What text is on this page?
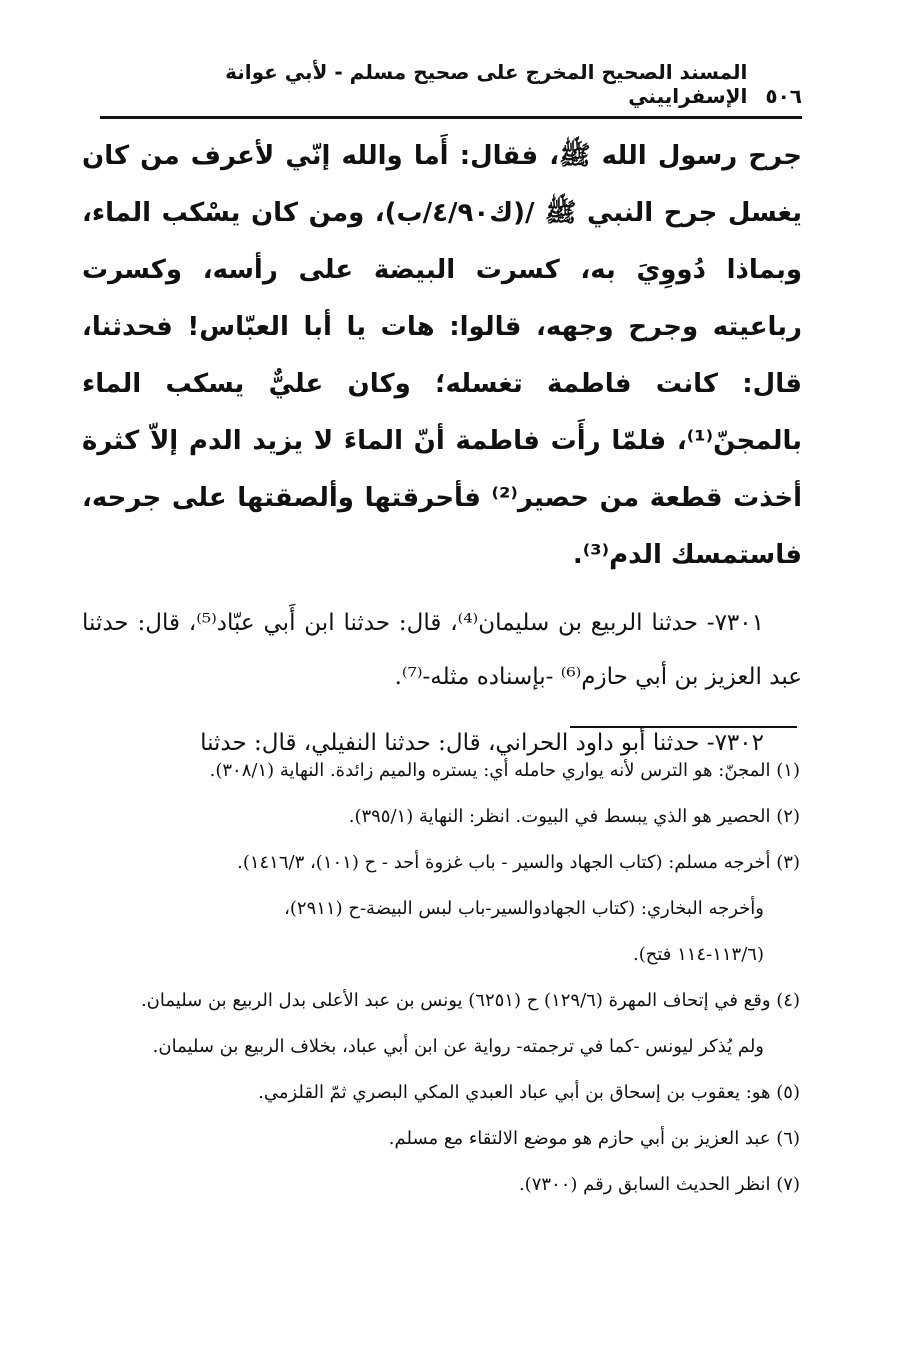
٥٠٦
المسند الصحيح المخرج على صحيح مسلم - لأبي عوانة الإسفراييني

جرح رسول الله ﷺ، فقال: أَما والله إنّي لأعرف من كان يغسل جرح النبي ﷺ /(ك٤/٩٠/ب)، ومن كان يسْكب الماء، وبماذا دُووِيَ به، كسرت البيضة على رأسه، وكسرت رباعيته وجرح وجهه، قالوا: هات يا أبا العبّاس! فحدثنا، قال: كانت فاطمة تغسله؛ وكان عليٌّ يسكب الماء بالمجنّ⁽¹⁾، فلمّا رأَت فاطمة أنّ الماءَ لا يزيد الدم إلاّ كثرة أخذت قطعة من حصير⁽²⁾ فأحرقتها وألصقتها على جرحه، فاستمسك الدم⁽³⁾.

٧٣٠١- حدثنا الربيع بن سليمان⁽⁴⁾، قال: حدثنا ابن أَبي عبّاد⁽⁵⁾، قال: حدثنا عبد العزيز بن أبي حازم⁽⁶⁾ -بإسناده مثله-⁽⁷⁾.

٧٣٠٢- حدثنا أبو داود الحراني، قال: حدثنا النفيلي، قال: حدثنا

(١) المجنّ: هو الترس لأنه يواري حامله أي: يستره والميم زائدة. النهاية (٣٠٨/١).

(٢) الحصير هو الذي يبسط في البيوت. انظر: النهاية (٣٩٥/١).

(٣) أخرجه مسلم: (كتاب الجهاد والسير - باب غزوة أحد - ح (١٠١)، ١٤١٦/٣).

وأخرجه البخاري: (كتاب الجهادوالسير-باب لبس البيضة-ح (٢٩١١)،

(١١٣/٦-١١٤ فتح).

(٤) وقع في إتحاف المهرة (١٢٩/٦) ح (٦٢٥١) يونس بن عبد الأعلى بدل الربيع بن سليمان.

ولم يُذكر ليونس -كما في ترجمته- رواية عن ابن أبي عباد، بخلاف الربيع بن سليمان.

(٥) هو: يعقوب بن إسحاق بن أبي عباد العبدي المكي البصري ثمّ القلزمي.

(٦) عبد العزيز بن أبي حازم هو موضع الالتقاء مع مسلم.

(٧) انظر الحديث السابق رقم (٧٣٠٠).
